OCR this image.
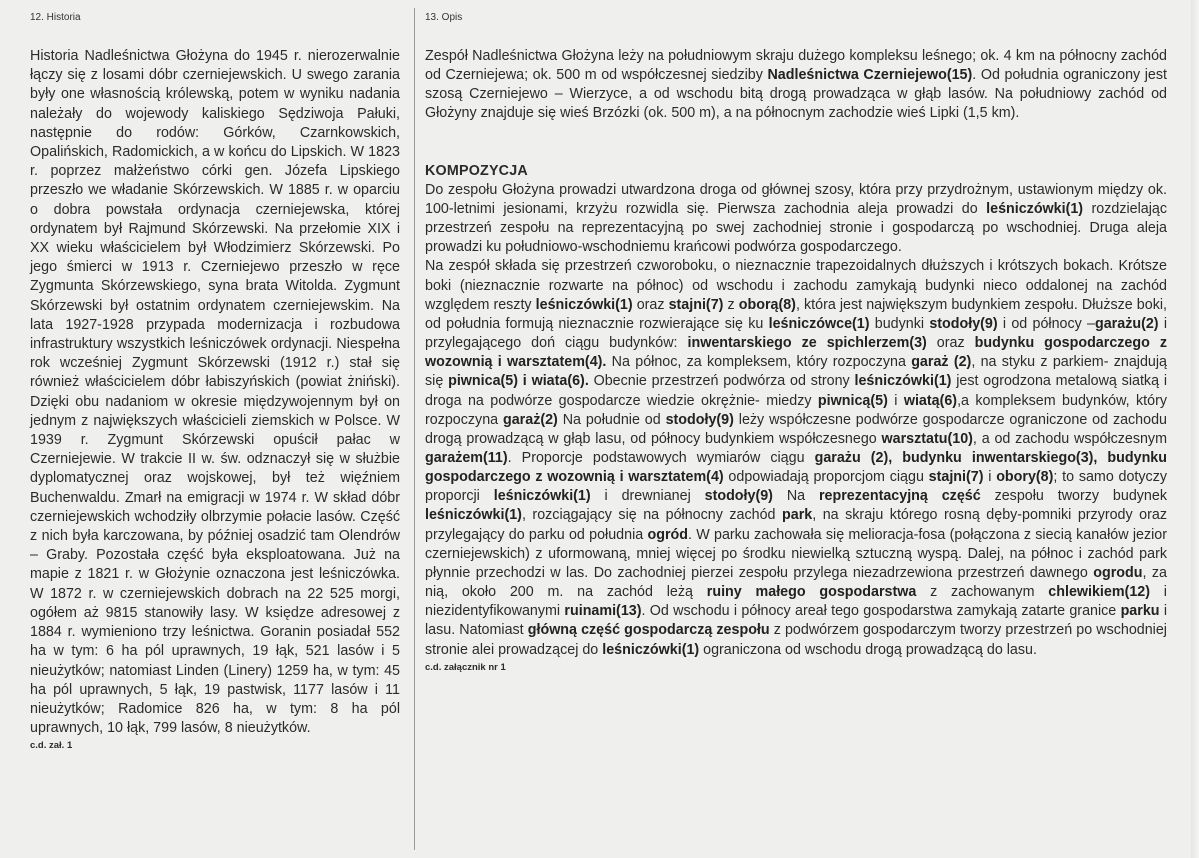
12. Historia	13. Opis

Historia Nadleśnictwa Głożyna do 1945 r. nierozerwalnie łączy się z losami dóbr czerniejewskich. U swego zarania były one własnością królewską, potem w wyniku nadania należały do wojewody kaliskiego Sędziwoja Pałuki, następnie do rodów: Górków, Czarnkowskich, Opalińskich, Radomickich, a w końcu do Lipskich. W 1823 r. poprzez małżeństwo córki gen. Józefa Lipskiego przeszło we władanie Skórzewskich. W 1885 r. w oparciu o dobra powstała ordynacja czerniejewska, której ordynatem był Rajmund Skórzewski. Na przełomie XIX i XX wieku właścicielem był Włodzimierz Skórzewski. Po jego śmierci w 1913 r. Czerniejewo przeszło w ręce Zygmunta Skórzewskiego, syna brata Witolda. Zygmunt Skórzewski był ostatnim ordynatem czerniejewskim. Na lata 1927-1928 przypada modernizacja i rozbudowa infrastruktury wszystkich leśniczówek ordynacji. Niespełna rok wcześniej Zygmunt Skórzewski (1912 r.) stał się również właścicielem dóbr łabiszyńskich (powiat żniński). Dzięki obu nadaniom w okresie międzywojennym był on jednym z największych właścicieli ziemskich w Polsce. W 1939 r. Zygmunt Skórzewski opuścił pałac w Czerniejewie. W trakcie II w. św. odznaczył się w służbie dyplomatycznej oraz wojskowej, był też więźniem Buchenwaldu. Zmarł na emigracji w 1974 r. W skład dóbr czerniejewskich wchodziły olbrzymie połacie lasów. Część z nich była karczowana, by później osadzić tam Olendrów – Graby. Pozostała część była eksploatowana. Już na mapie z 1821 r. w Głożynie oznaczona jest leśniczówka. W 1872 r. w czerniejewskich dobrach na 22 525 morgi, ogółem aż 9815 stanowiły lasy. W księdze adresowej z 1884 r. wymieniono trzy leśnictwa. Goranin posiadał 552 ha w tym: 6 ha pól uprawnych, 19 łąk, 521 lasów i 5 nieużytków; natomiast Linden (Linery) 1259 ha, w tym: 45 ha pól uprawnych, 5 łąk, 19 pastwisk, 1177 lasów i 11 nieużytków; Radomice 826 ha, w tym: 8 ha pól uprawnych, 10 łąk, 799 lasów, 8 nieużytków.

c.d. zał. 1

Zespół Nadleśnictwa Głożyna leży na południowym skraju dużego kompleksu leśnego; ok. 4 km na północny zachód od Czerniejewa; ok. 500 m od współczesnej siedziby Nadleśnictwa Czerniejewo(15). Od południa ograniczony jest szosą Czerniejewo – Wierzyce, a od wschodu bitą drogą prowadząca w głąb lasów. Na południowy zachód od Głożyny znajduje się wieś Brzózki (ok. 500 m), a na północnym zachodzie wieś Lipki (1,5 km).

KOMPOZYCJA

Do zespołu Głożyna prowadzi utwardzona droga od głównej szosy, która przy przydrożnym, ustawionym między ok. 100-letnimi jesionami, krzyżu rozwidla się. Pierwsza zachodnia aleja prowadzi do leśniczówki(1) rozdzielając przestrzeń zespołu na reprezentacyjną po swej zachodniej stronie i gospodarczą po wschodniej. Druga aleja prowadzi ku południowo-wschodniemu krańcowi podwórza gospodarczego.

Na zespół składa się przestrzeń czworoboku, o nieznacznie trapezoidalnych dłuższych i krótszych bokach. Krótsze boki (nieznacznie rozwarte na północ) od wschodu i zachodu zamykają budynki nieco oddalonej na zachód względem reszty leśniczówki(1) oraz stajni(7) z oborą(8), która jest największym budynkiem zespołu. Dłuższe boki, od południa formują nieznacznie rozwierające się ku leśniczówce(1) budynki stodoły(9) i od północy –garażu(2) i przylegającego doń ciągu budynków: inwentarskiego ze spichlerzem(3) oraz budynku gospodarczego z wozownią i warsztatem(4). Na północ, za kompleksem, który rozpoczyna garaż (2), na styku z parkiem- znajdują się piwnica(5) i wiata(6). Obecnie przestrzeń podwórza od strony leśniczówki(1) jest ogrodzona metalową siatką i droga na podwórze gospodarcze wiedzie okrężnie- miedzy piwnicą(5) i wiatą(6),a kompleksem budynków, który rozpoczyna garaż(2) Na południe od stodoły(9) leży współczesne podwórze gospodarcze ograniczone od zachodu drogą prowadzącą w głąb lasu, od północy budynkiem współczesnego warsztatu(10), a od zachodu współczesnym garażem(11). Proporcje podstawowych wymiarów ciągu garażu (2), budynku inwentarskiego(3), budynku gospodarczego z wozownią i warsztatem(4) odpowiadają proporcjom ciągu stajni(7) i obory(8); to samo dotyczy proporcji leśniczówki(1) i drewnianej stodoły(9) Na reprezentacyjną część zespołu tworzy budynek leśniczówki(1), rozciągający się na północny zachód park, na skraju którego rosną dęby-pomniki przyrody oraz przylegający do parku od południa ogród. W parku zachowała się melioracja-fosa (połączona z siecią kanałów jezior czerniejewskich) z uformowaną, mniej więcej po środku niewielką sztuczną wyspą. Dalej, na północ i zachód park płynnie przechodzi w las. Do zachodniej pierzei zespołu przylega niezadrzewiona przestrzeń dawnego ogrodu, za nią, około 200 m. na zachód leżą ruiny małego gospodarstwa z zachowanym chlewikiem(12) i niezidentyfikowanymi ruinami(13). Od wschodu i północy areał tego gospodarstwa zamykają zatarte granice parku i lasu. Natomiast główną część gospodarczą zespołu z podwórzem gospodarczym tworzy przestrzeń po wschodniej stronie alei prowadzącej do leśniczówki(1) ograniczona od wschodu drogą prowadzącą do lasu.

c.d. załącznik nr 1
